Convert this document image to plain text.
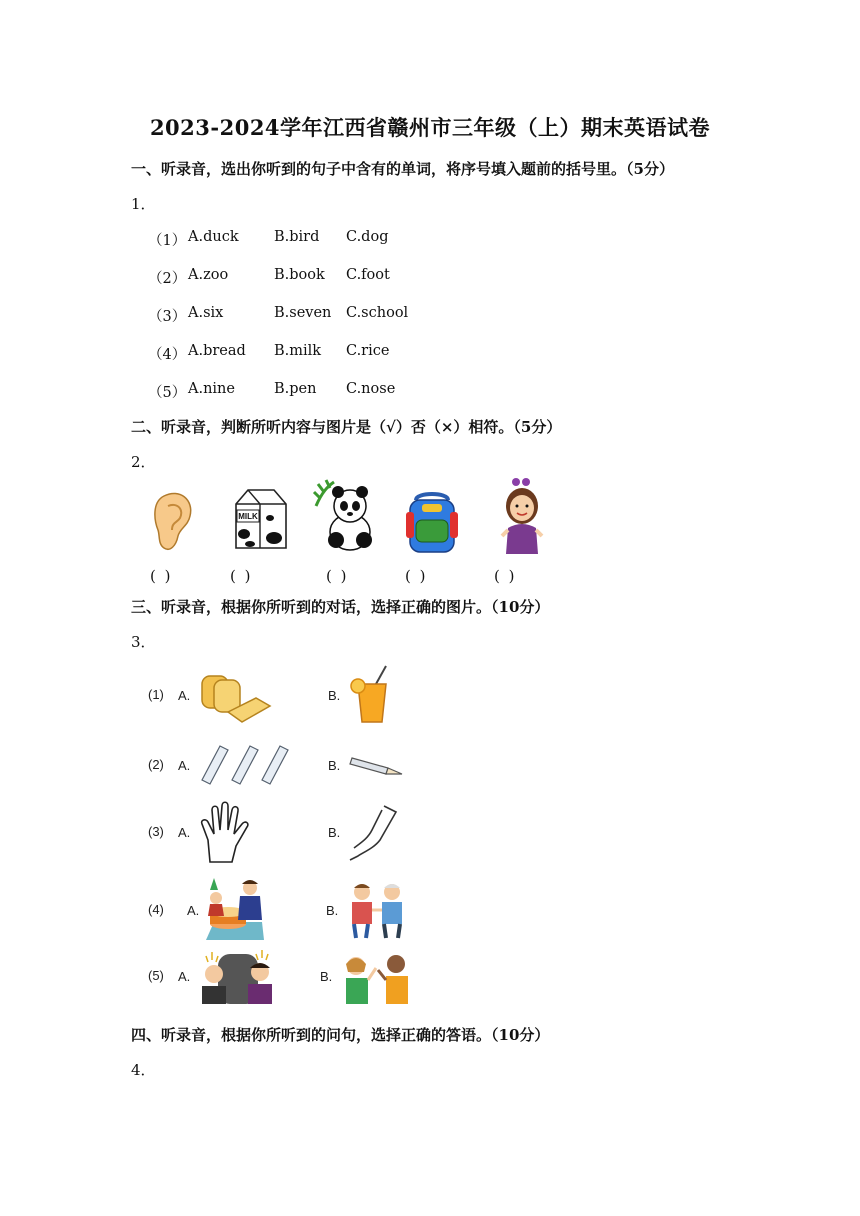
2023-2024学年江西省赣州市三年级（上）期末英语试卷
一、听录音，选出你听到的句子中含有的单词，将序号填入题前的括号里。（5分）
1．
（1） A.duck B.bird C.dog
（2） A.zoo	B.book C.foot
（3） A.six	B.seven C.school
（4） A.bread B.milk C.rice
（5） A.nine	B.pen C.nose
二、听录音，判断所听内容与图片是（√）否（×）相符。（5分）
2．
MILK
( )	( )	( )	( )	( )
三、听录音，根据你所听到的对话，选择正确的图片。（10分）
3．
(1) A.	B.
(2) A.	B.
(3) A.	B.
(4) A.	B.
(5) A.	B.
四、听录音，根据你所听到的问句，选择正确的答语。（10分）
4．
